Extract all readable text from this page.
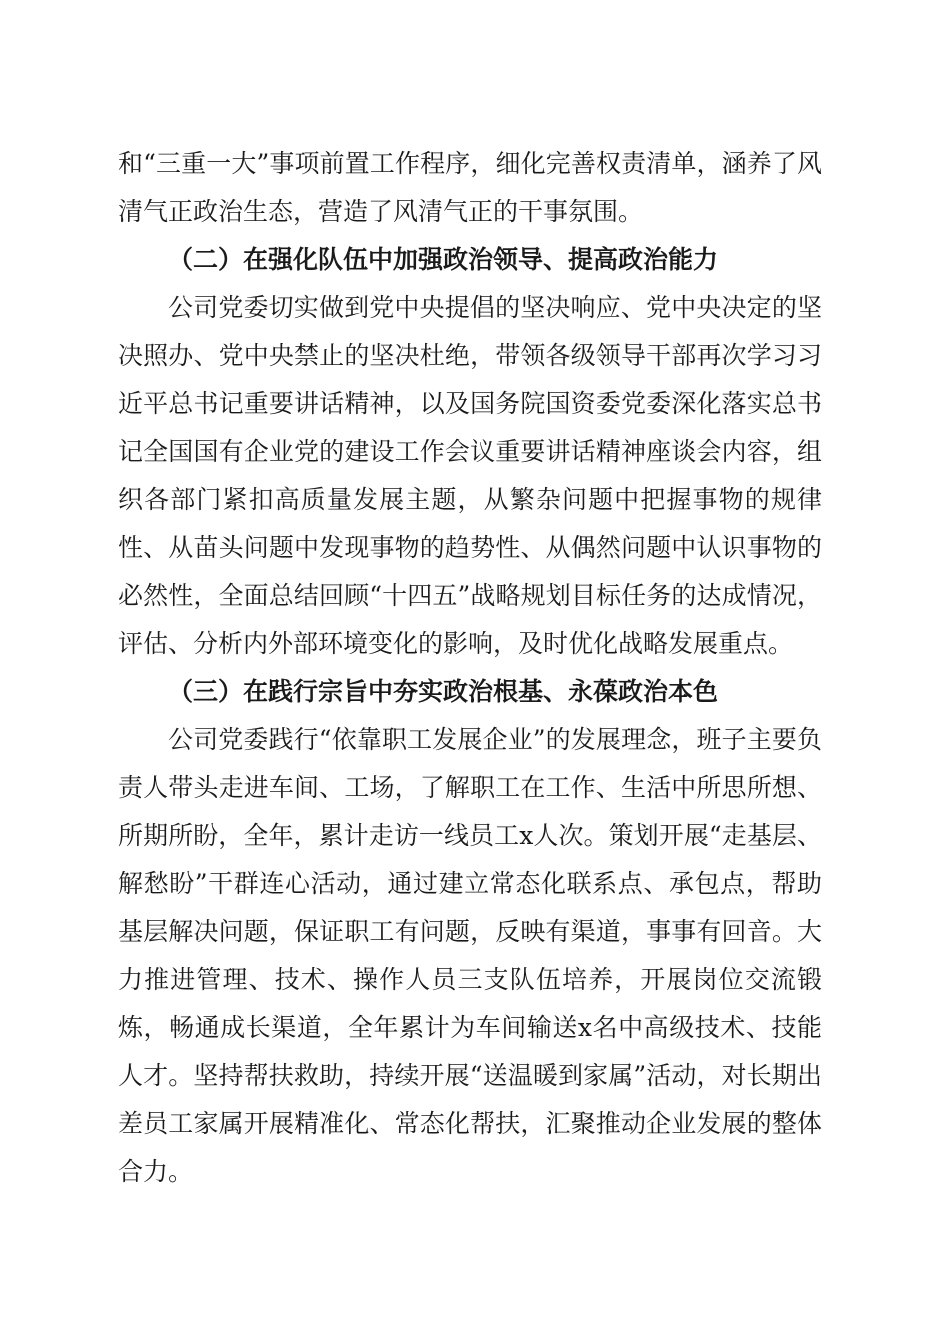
和“三重一大”事项前置工作程序，细化完善权责清单，涵养了风清气正政治生态，营造了风清气正的干事氛围。

（二）在强化队伍中加强政治领导、提高政治能力

公司党委切实做到党中央提倡的坚决响应、党中央决定的坚决照办、党中央禁止的坚决杜绝，带领各级领导干部再次学习习近平总书记重要讲话精神，以及国务院国资委党委深化落实总书记全国国有企业党的建设工作会议重要讲话精神座谈会内容，组织各部门紧扣高质量发展主题，从繁杂问题中把握事物的规律性、从苗头问题中发现事物的趋势性、从偶然问题中认识事物的必然性，全面总结回顾“十四五”战略规划目标任务的达成情况，评估、分析内外部环境变化的影响，及时优化战略发展重点。

（三）在践行宗旨中夯实政治根基、永葆政治本色

公司党委践行“依靠职工发展企业”的发展理念，班子主要负责人带头走进车间、工场，了解职工在工作、生活中所思所想、所期所盼，全年，累计走访一线员工x人次。策划开展“走基层、解愁盼”干群连心活动，通过建立常态化联系点、承包点，帮助基层解决问题，保证职工有问题，反映有渠道，事事有回音。大力推进管理、技术、操作人员三支队伍培养，开展岗位交流锻炼，畅通成长渠道，全年累计为车间输送x名中高级技术、技能人才。坚持帮扶救助，持续开展“送温暖到家属”活动，对长期出差员工家属开展精准化、常态化帮扶，汇聚推动企业发展的整体合力。
